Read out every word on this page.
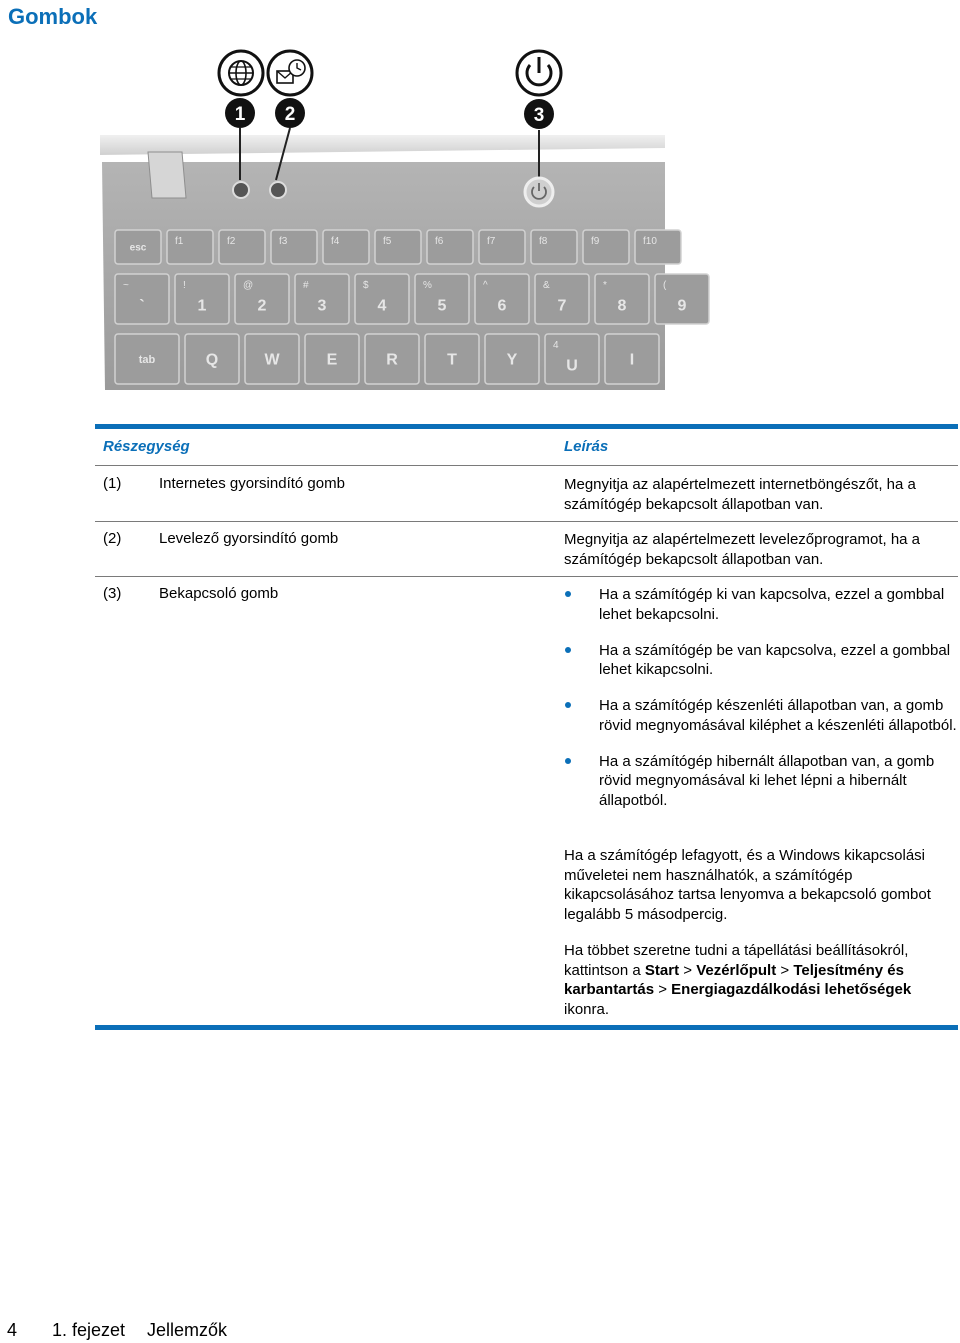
Gombok
1 2	3
esc
f1	f2	f3	f4	f5	f6	f7	f8	f9	f10
`
~
1
!
2
@
3
#
4
$
5
%
6
^
7
&
8
*
9
(
tab	Q	W	E	R	T	Y	U
4
I
Részegység	Leírás
(1)	Internetes gyorsindító gomb	Megnyitja az alapértelmezett internetböngészőt, ha a számítógép bekapcsolt állapotban van.
(2)	Levelező gyorsindító gomb	Megnyitja az alapértelmezett levelezőprogramot, ha a számítógép bekapcsolt állapotban van.
(3)	Bekapcsoló gomb	Ha a számítógép ki van kapcsolva, ezzel a gombbal lehet bekapcsolni.
Ha a számítógép be van kapcsolva, ezzel a gombbal lehet kikapcsolni.
Ha a számítógép készenléti állapotban van, a gomb rövid megnyomásával kiléphet a készenléti állapotból.
Ha a számítógép hibernált állapotban van, a gomb rövid megnyomásával ki lehet lépni a hibernált állapotból.

Ha a számítógép lefagyott, és a Windows kikapcsolási műveletei nem használhatók, a számítógép kikapcsolásához tartsa lenyomva a bekapcsoló gombot legalább 5 másodpercig.

Ha többet szeretne tudni a tápellátási beállításokról, kattintson a Start > Vezérlőpult > Teljesítmény és karbantartás > Energiagazdálkodási lehetőségek ikonra.

4 1. fejezet Jellemzők
